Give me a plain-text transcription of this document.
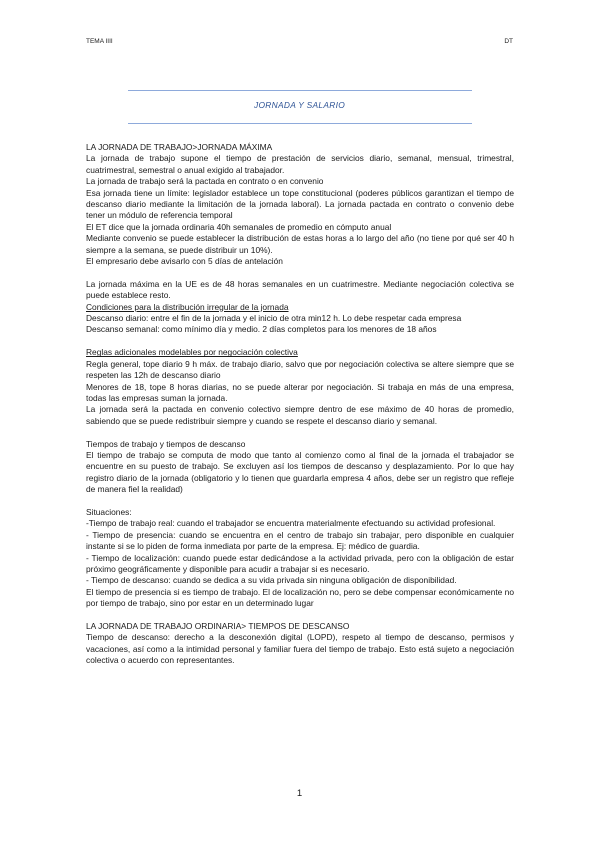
TEMA IIII	DT
JORNADA Y SALARIO

LA JORNADA DE TRABAJO>JORNADA MÁXIMA

La jornada de trabajo supone el tiempo de prestación de servicios diario, semanal, mensual, trimestral, cuatrimestral, semestral o anual exigido al trabajador.

La jornada de trabajo será la pactada en contrato o en convenio

Esa jornada tiene un límite: legislador establece un tope constitucional (poderes públicos garantizan el tiempo de descanso diario mediante la limitación de la jornada laboral). La jornada pactada en contrato o convenio debe tener un módulo de referencia temporal

El ET dice que la jornada ordinaria 40h semanales de promedio en cómputo anual

Mediante convenio se puede establecer la distribución de estas horas a lo largo del año (no tiene por qué ser 40 h siempre a la semana, se puede distribuir un 10%).

El empresario debe avisarlo con 5 días de antelación

La jornada máxima en la UE es de 48 horas semanales en un cuatrimestre. Mediante negociación colectiva se puede establece resto.

Condiciones para la distribución irregular de la jornada

Descanso diario: entre el fin de la jornada y el inicio de otra min12 h. Lo debe respetar cada empresa

Descanso semanal: como mínimo día y medio. 2 días completos para los menores de 18 años

Reglas adicionales modelables por negociación colectiva

Regla general, tope diario 9 h máx. de trabajo diario, salvo que por negociación colectiva se altere siempre que se respeten las 12h de descanso diario

Menores de 18, tope 8 horas diarias, no se puede alterar por negociación. Si trabaja en más de una empresa, todas las empresas suman la jornada.

La jornada será la pactada en convenio colectivo siempre dentro de ese máximo de 40 horas de promedio, sabiendo que se puede redistribuir siempre y cuando se respete el descanso diario y semanal.

Tiempos de trabajo y tiempos de descanso

El tiempo de trabajo se computa de modo que tanto al comienzo como al final de la jornada el trabajador se encuentre en su puesto de trabajo. Se excluyen así los tiempos de descanso y desplazamiento. Por lo que hay registro diario de la jornada (obligatorio y lo tienen que guardarla empresa 4 años, debe ser un registro que refleje de manera fiel la realidad)

Situaciones:

-Tiempo de trabajo real: cuando el trabajador se encuentra materialmente efectuando su actividad profesional.

- Tiempo de presencia: cuando se encuentra en el centro de trabajo sin trabajar, pero disponible en cualquier instante si se lo piden de forma inmediata por parte de la empresa. Ej: médico de guardia.

- Tiempo de localización: cuando puede estar dedicándose a la actividad privada, pero con la obligación de estar próximo geográficamente y disponible para acudir a trabajar si es necesario.

- Tiempo de descanso: cuando se dedica a su vida privada sin ninguna obligación de disponibilidad.

El tiempo de presencia si es tiempo de trabajo. El de localización no, pero se debe compensar económicamente no por tiempo de trabajo, sino por estar en un determinado lugar

LA JORNADA DE TRABAJO ORDINARIA> TIEMPOS DE DESCANSO

Tiempo de descanso: derecho a la desconexión digital (LOPD), respeto al tiempo de descanso, permisos y vacaciones, así como a la intimidad personal y familiar fuera del tiempo de trabajo. Esto está sujeto a negociación colectiva o acuerdo con representantes.

1
